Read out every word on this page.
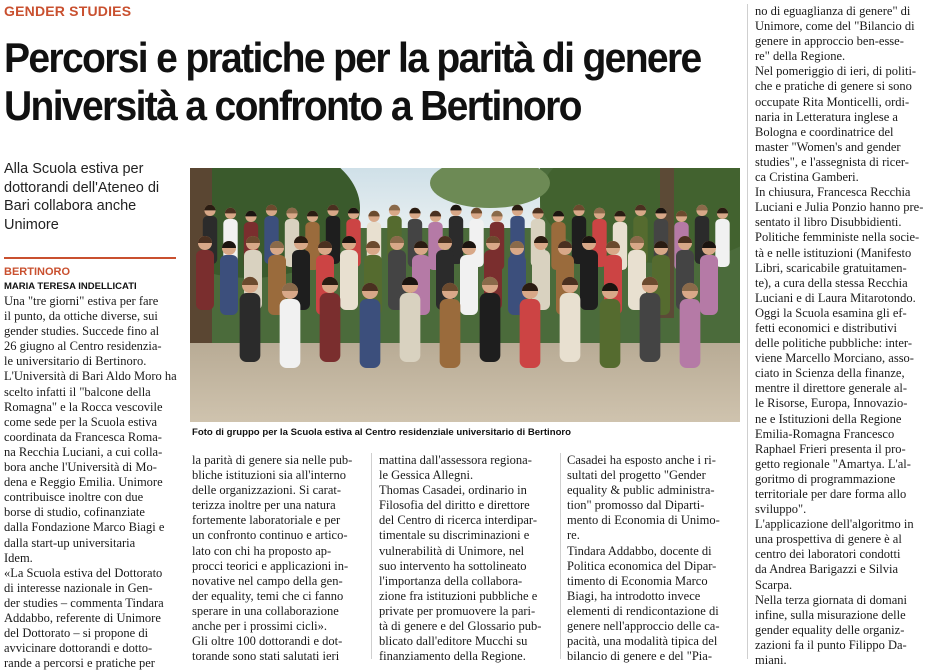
GENDER STUDIES
Percorsi e pratiche per la parità di genere
Università a confronto a Bertinoro
Alla Scuola estiva per dottorandi dell'Ateneo di Bari collabora anche Unimore
BERTINORO
MARIA TERESA INDELLICATI
Foto di gruppo per la Scuola estiva al Centro residenziale universitario di Bertinoro
Una "tre giorni" estiva per fare
il punto, da ottiche diverse, sui
gender studies. Succede fino al
26 giugno al Centro residenzia-
le universitario di Bertinoro.
L'Università di Bari Aldo Moro ha
scelto infatti il "balcone della
Romagna" e la Rocca vescovile
come sede per la Scuola estiva
coordinata da Francesca Roma-
na Recchia Luciani, a cui colla-
bora anche l'Università di Mo-
dena e Reggio Emilia. Unimore
contribuisce inoltre con due
borse di studio, cofinanziate
dalla Fondazione Marco Biagi e
dalla start-up universitaria
Idem.
«La Scuola estiva del Dottorato
di interesse nazionale in Gen-
der studies – commenta Tindara
Addabbo, referente di Unimore
del Dottorato – si propone di
avvicinare dottorandi e dotto-
rande a percorsi e pratiche per
la parità di genere sia nelle pub-
bliche istituzioni sia all'interno
delle organizzazioni. Si carat-
terizza inoltre per una natura
fortemente laboratoriale e per
un confronto continuo e artico-
lato con chi ha proposto ap-
procci teorici e applicazioni in-
novative nel campo della gen-
der equality, temi che ci fanno
sperare in una collaborazione
anche per i prossimi cicli».
Gli oltre 100 dottorandi e dot-
torande sono stati salutati ieri
mattina dall'assessora regiona-
le Gessica Allegni.
Thomas Casadei, ordinario in
Filosofia del diritto e direttore
del Centro di ricerca interdipar-
timentale su discriminazioni e
vulnerabilità di Unimore, nel
suo intervento ha sottolineato
l'importanza della collabora-
zione fra istituzioni pubbliche e
private per promuovere la pari-
tà di genere e del Glossario pub-
blicato dall'editore Mucchi su
finanziamento della Regione.
Casadei ha esposto anche i ri-
sultati del progetto "Gender
equality & public administra-
tion" promosso dal Diparti-
mento di Economia di Unimo-
re.
Tindara Addabbo, docente di
Politica economica del Dipar-
timento di Economia Marco
Biagi, ha introdotto invece
elementi di rendicontazione di
genere nell'approccio delle ca-
pacità, una modalità tipica del
bilancio di genere e del "Pia-
no di eguaglianza di genere" di
Unimore, come del "Bilancio di
genere in approccio ben-esse-
re" della Regione.
Nel pomeriggio di ieri, di politi-
che e pratiche di genere si sono
occupate Rita Monticelli, ordi-
naria in Letteratura inglese a
Bologna e coordinatrice del
master "Women's and gender
studies", e l'assegnista di ricer-
ca Cristina Gamberi.
In chiusura, Francesca Recchia
Luciani e Julia Ponzio hanno pre-
sentato il libro Disubbidienti.
Politiche femministe nella socie-
tà e nelle istituzioni (Manifesto
Libri, scaricabile gratuitamen-
te), a cura della stessa Recchia
Luciani e di Laura Mitarotondo.
Oggi la Scuola esamina gli ef-
fetti economici e distributivi
delle politiche pubbliche: inter-
viene Marcello Morciano, asso-
ciato in Scienza della finanze,
mentre il direttore generale al-
le Risorse, Europa, Innovazio-
ne e Istituzioni della Regione
Emilia-Romagna Francesco
Raphael Frieri presenta il pro-
getto regionale "Amartya. L'al-
goritmo di programmazione
territoriale per dare forma allo
sviluppo".
L'applicazione dell'algoritmo in
una prospettiva di genere è al
centro dei laboratori condotti
da Andrea Barigazzi e Silvia
Scarpa.
Nella terza giornata di domani
infine, sulla misurazione delle
gender equality delle organiz-
zazioni fa il punto Filippo Da-
miani.
